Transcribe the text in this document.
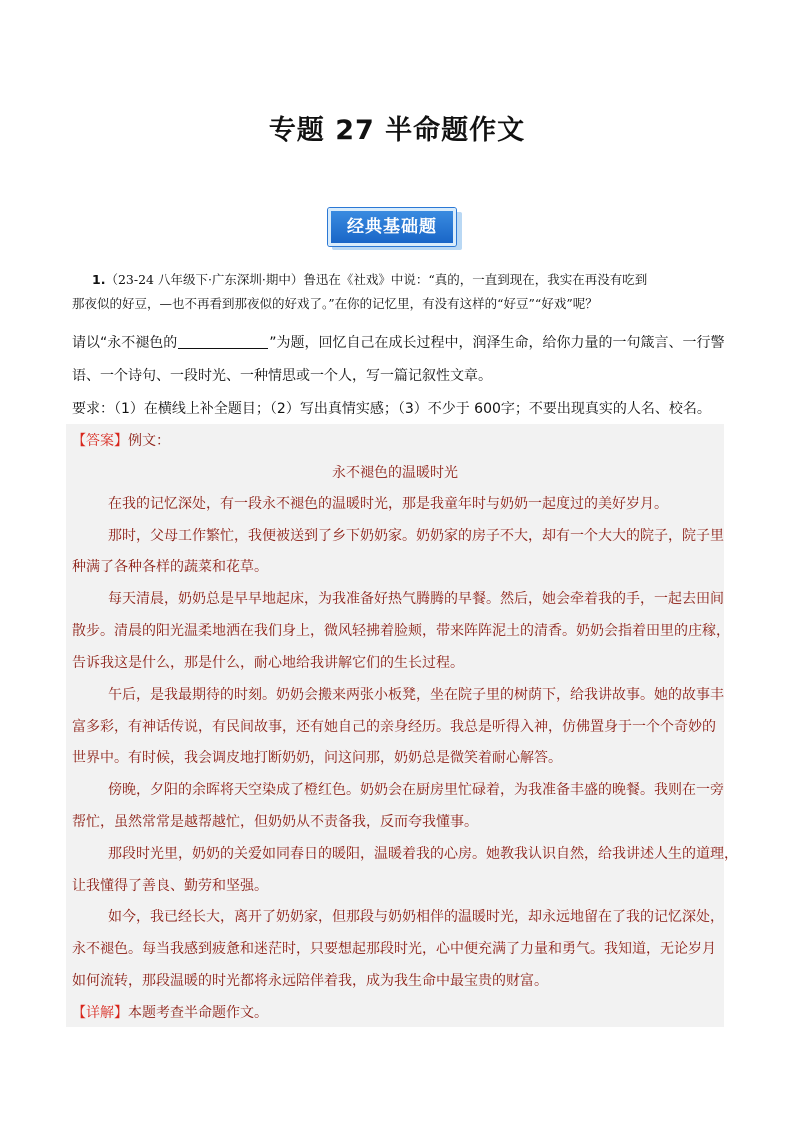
专题 27 半命题作文
经典基础题
1.（23-24 八年级下·广东深圳·期中）鲁迅在《社戏》中说：“真的，一直到现在，我实在再没有吃到
那夜似的好豆，—也不再看到那夜似的好戏了。”在你的记忆里，有没有这样的“好豆”“好戏”呢？
请以“永不褪色的	”为题，回忆自己在成长过程中，润泽生命，给你力量的一句箴言、一行警
语、一个诗句、一段时光、一种情思或一个人，写一篇记叙性文章。
要求：（1）在横线上补全题目；（2）写出真情实感；（3）不少于 600字；不要出现真实的人名、校名。
【答案】例文：
永不褪色的温暖时光
在我的记忆深处，有一段永不褪色的温暖时光，那是我童年时与奶奶一起度过的美好岁月。
那时，父母工作繁忙，我便被送到了乡下奶奶家。奶奶家的房子不大，却有一个大大的院子，院子里
种满了各种各样的蔬菜和花草。
每天清晨，奶奶总是早早地起床，为我准备好热气腾腾的早餐。然后，她会牵着我的手，一起去田间
散步。清晨的阳光温柔地洒在我们身上，微风轻拂着脸颊，带来阵阵泥土的清香。奶奶会指着田里的庄稼，
告诉我这是什么，那是什么，耐心地给我讲解它们的生长过程。
午后，是我最期待的时刻。奶奶会搬来两张小板凳，坐在院子里的树荫下，给我讲故事。她的故事丰
富多彩，有神话传说，有民间故事，还有她自己的亲身经历。我总是听得入神，仿佛置身于一个个奇妙的
世界中。有时候，我会调皮地打断奶奶，问这问那，奶奶总是微笑着耐心解答。
傍晚，夕阳的余晖将天空染成了橙红色。奶奶会在厨房里忙碌着，为我准备丰盛的晚餐。我则在一旁
帮忙，虽然常常是越帮越忙，但奶奶从不责备我，反而夸我懂事。
那段时光里，奶奶的关爱如同春日的暖阳，温暖着我的心房。她教我认识自然，给我讲述人生的道理，
让我懂得了善良、勤劳和坚强。
如今，我已经长大，离开了奶奶家，但那段与奶奶相伴的温暖时光，却永远地留在了我的记忆深处，
永不褪色。每当我感到疲惫和迷茫时，只要想起那段时光，心中便充满了力量和勇气。我知道，无论岁月
如何流转，那段温暖的时光都将永远陪伴着我，成为我生命中最宝贵的财富。
【详解】本题考查半命题作文。
